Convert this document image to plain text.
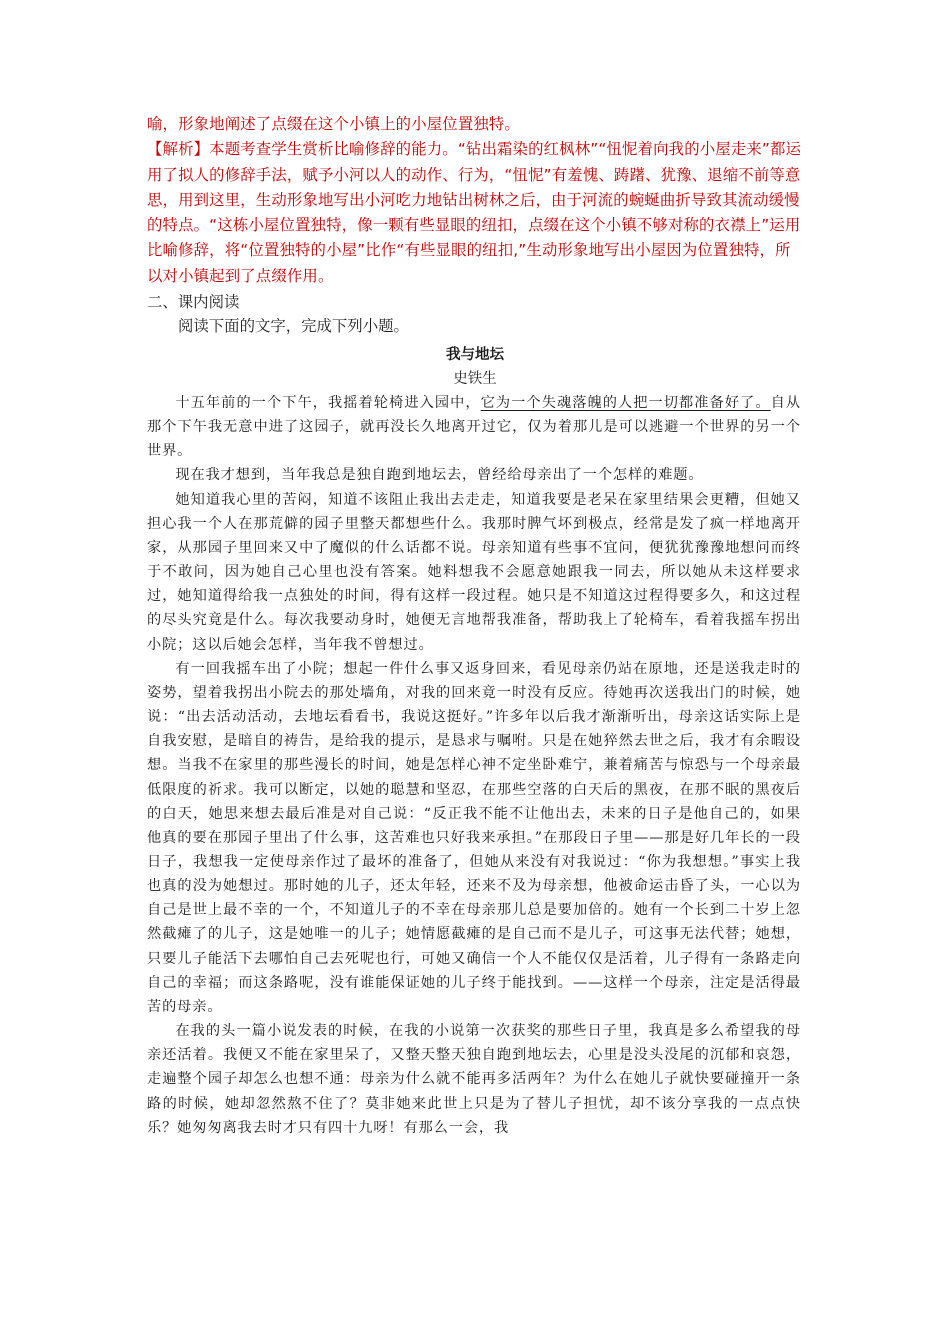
喻，形象地阐述了点缀在这个小镇上的小屋位置独特。

【解析】本题考查学生赏析比喻修辞的能力。“钻出霜染的红枫林”“忸怩着向我的小屋走来”都运用了拟人的修辞手法，赋予小河以人的动作、行为，“忸怩”有羞愧、踌躇、犹豫、退缩不前等意思，用到这里，生动形象地写出小河吃力地钻出树林之后，由于河流的蜿蜒曲折导致其流动缓慢的特点。“这栋小屋位置独特，像一颗有些显眼的纽扣，点缀在这个小镇不够对称的衣襟上”运用比喻修辞，将“位置独特的小屋”比作“有些显眼的纽扣,”生动形象地写出小屋因为位置独特，所以对小镇起到了点缀作用。

二、课内阅读
阅读下面的文字，完成下列小题。
我与地坛
史铁生

十五年前的一个下午，我摇着轮椅进入园中，它为一个失魂落魄的人把一切都准备好了。自从那个下午我无意中进了这园子，就再没长久地离开过它，仅为着那儿是可以逃避一个世界的另一个世界。

现在我才想到，当年我总是独自跑到地坛去，曾经给母亲出了一个怎样的难题。

她知道我心里的苦闷，知道不该阻止我出去走走，知道我要是老呆在家里结果会更糟，但她又担心我一个人在那荒僻的园子里整天都想些什么。我那时脾气坏到极点，经常是发了疯一样地离开家，从那园子里回来又中了魔似的什么话都不说。母亲知道有些事不宜问，便犹犹豫豫地想问而终于不敢问，因为她自己心里也没有答案。她料想我不会愿意她跟我一同去，所以她从未这样要求过，她知道得给我一点独处的时间，得有这样一段过程。她只是不知道这过程得要多久，和这过程的尽头究竟是什么。每次我要动身时，她便无言地帮我准备，帮助我上了轮椅车，看着我摇车拐出小院；这以后她会怎样，当年我不曾想过。

有一回我摇车出了小院；想起一件什么事又返身回来，看见母亲仍站在原地，还是送我走时的姿势，望着我拐出小院去的那处墙角，对我的回来竟一时没有反应。待她再次送我出门的时候，她说：“出去活动活动，去地坛看看书，我说这挺好。”许多年以后我才渐渐听出，母亲这话实际上是自我安慰，是暗自的祷告，是给我的提示，是恳求与嘱咐。只是在她猝然去世之后，我才有余暇设想。当我不在家里的那些漫长的时间，她是怎样心神不定坐卧难宁，兼着痛苦与惊恐与一个母亲最低限度的祈求。我可以断定，以她的聪慧和坚忍，在那些空落的白天后的黑夜，在那不眠的黑夜后的白天，她思来想去最后准是对自己说：“反正我不能不让他出去，未来的日子是他自己的，如果他真的要在那园子里出了什么事，这苦难也只好我来承担。”在那段日子里——那是好几年长的一段日子，我想我一定使母亲作过了最坏的准备了，但她从来没有对我说过：“你为我想想。”事实上我也真的没为她想过。那时她的儿子，还太年轻，还来不及为母亲想，他被命运击昏了头，一心以为自己是世上最不幸的一个，不知道儿子的不幸在母亲那儿总是要加倍的。她有一个长到二十岁上忽然截瘫了的儿子，这是她唯一的儿子；她情愿截瘫的是自己而不是儿子，可这事无法代替；她想，只要儿子能活下去哪怕自己去死呢也行，可她又确信一个人不能仅仅是活着，儿子得有一条路走向自己的幸福；而这条路呢，没有谁能保证她的儿子终于能找到。——这样一个母亲，注定是活得最苦的母亲。

在我的头一篇小说发表的时候，在我的小说第一次获奖的那些日子里，我真是多么希望我的母亲还活着。我便又不能在家里呆了，又整天整天独自跑到地坛去，心里是没头没尾的沉郁和哀怨，走遍整个园子却怎么也想不通：母亲为什么就不能再多活两年？为什么在她儿子就快要碰撞开一条路的时候，她却忽然熬不住了？莫非她来此世上只是为了替儿子担忧，却不该分享我的一点点快乐？她匆匆离我去时才只有四十九呀！有那么一会，我
